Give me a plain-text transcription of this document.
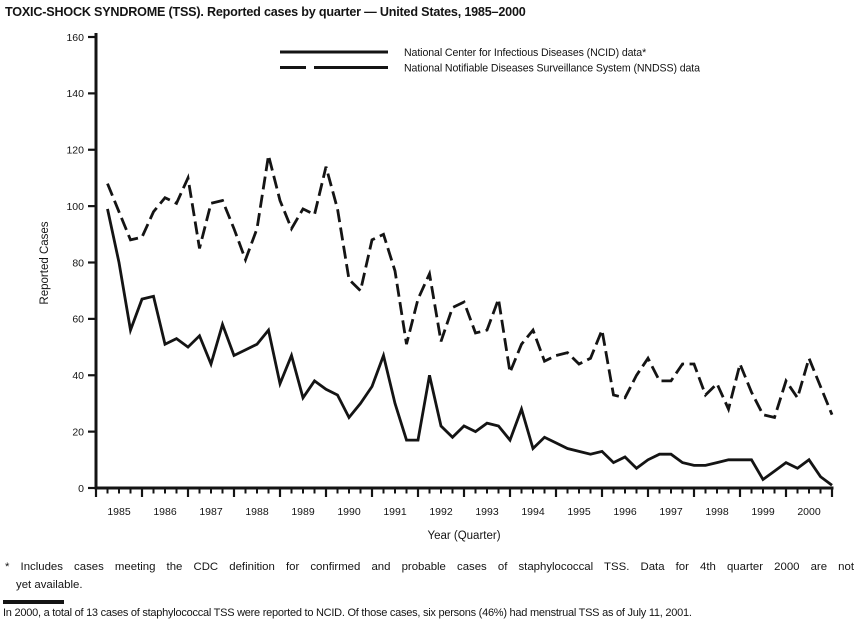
TOXIC-SHOCK SYNDROME (TSS). Reported cases by quarter — United States, 1985–2000
National Center for Infectious Diseases (NCID) data*
National Notifiable Diseases Surveillance System (NNDSS) data
Reported Cases
Year (Quarter)
0
20
40
60
80
100
120
140
160
1985 1986 1987 1988 1989 1990 1991 1992 1993 1994 1995 1996 1997 1998 1999 2000
* Includes cases meeting the CDC definition for confirmed and probable cases of staphylococcal TSS. Data for 4th quarter 2000 are not
yet available.
In 2000, a total of 13 cases of staphylococcal TSS were reported to NCID. Of those cases, six persons (46%) had menstrual TSS as of July 11, 2001.
